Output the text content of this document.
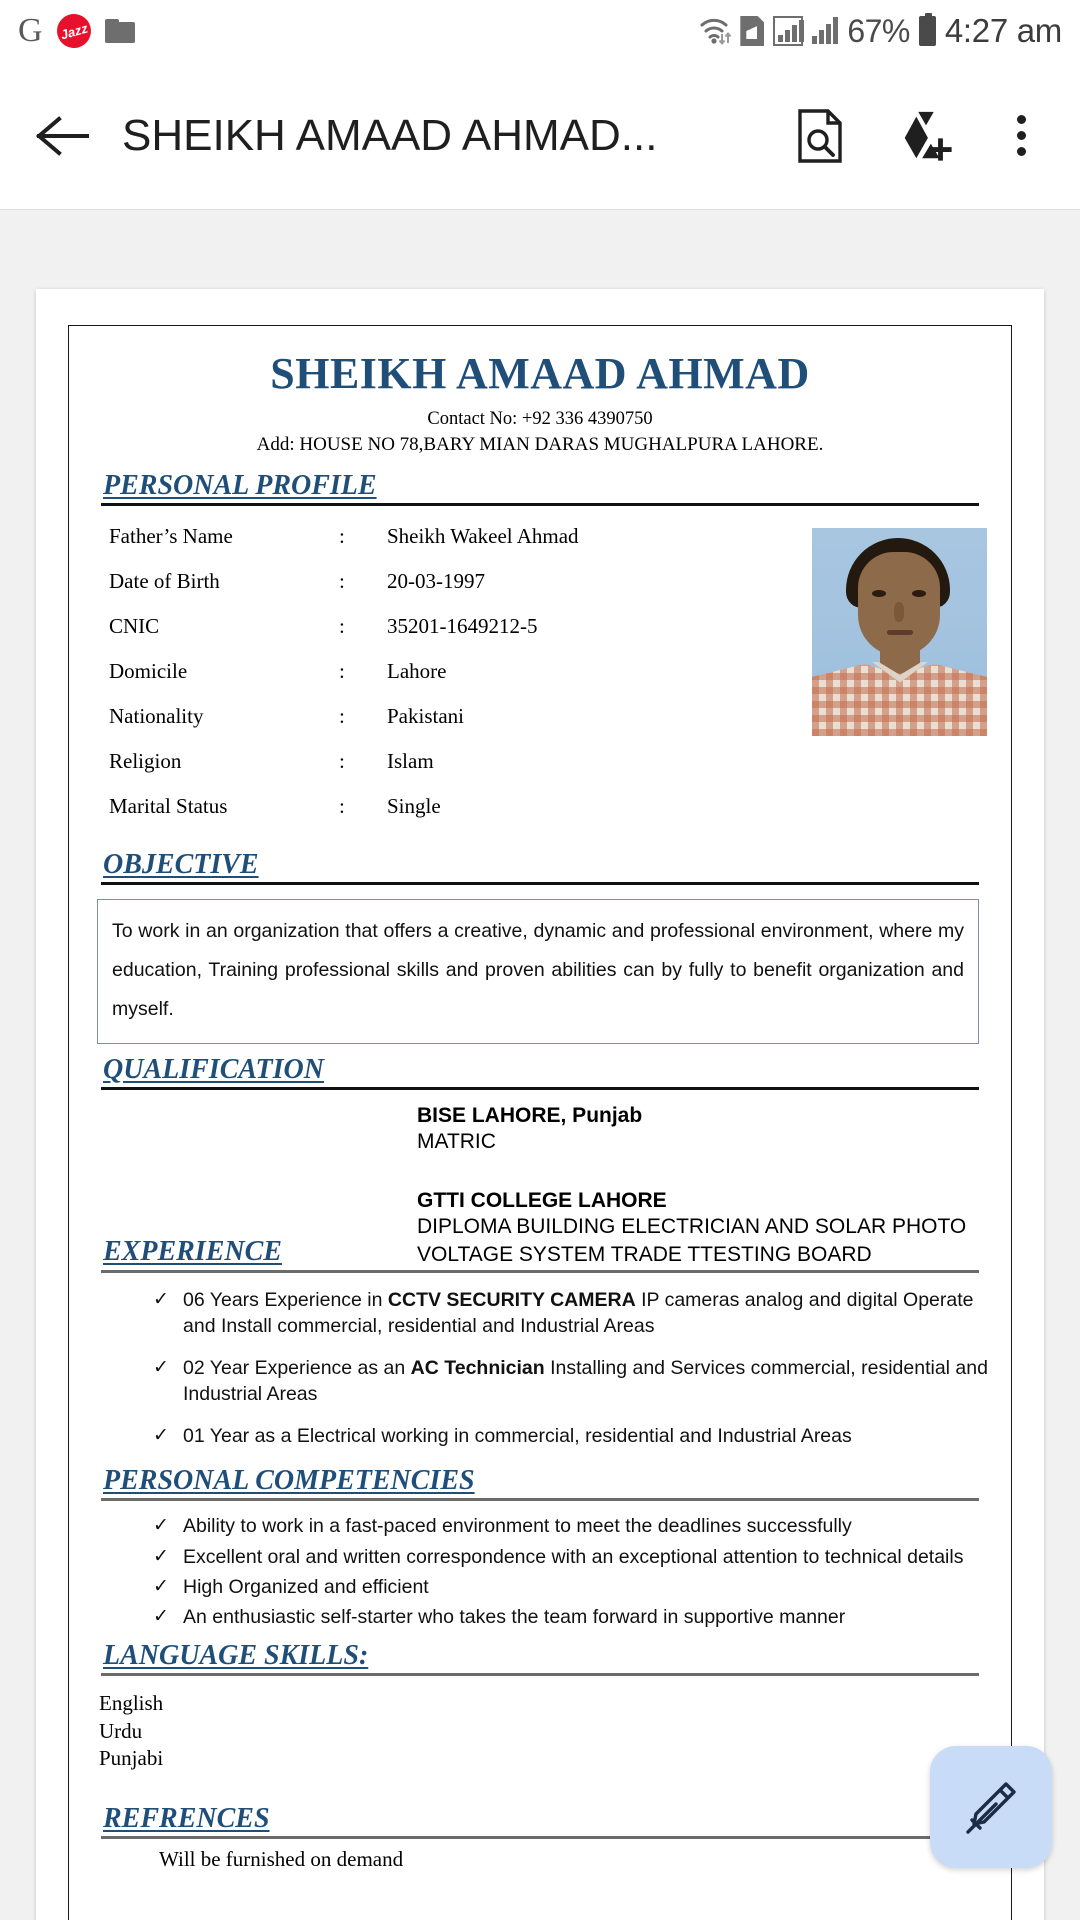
G	Jazz	67% 4:27 am
SHEIKH AMAAD AHMAD...
SHEIKH AMAAD AHMAD
Contact No: +92 336 4390750
Add: HOUSE NO 78,BARY MIAN DARAS MUGHALPURA LAHORE.
PERSONAL PROFILE
Father’s Name	:	Sheikh Wakeel Ahmad
Date of Birth	:	20-03-1997
CNIC	:	35201-1649212-5
Domicile	:	Lahore
Nationality	:	Pakistani
Religion	:	Islam
Marital Status	:	Single
OBJECTIVE

To work in an organization that offers a creative, dynamic and professional environment, where my education, Training professional skills and proven abilities can by fully to benefit organization and myself.

QUALIFICATION
BISE LAHORE, Punjab
MATRIC
EXPERIENCE
GTTI COLLEGE LAHORE
DIPLOMA BUILDING ELECTRICIAN AND SOLAR PHOTO VOLTAGE SYSTEM TRADE TTESTING BOARD
✓ 06 Years Experience in CCTV SECURITY CAMERA IP cameras analog and digital Operate and Install commercial, residential and Industrial Areas
✓ 02 Year Experience as an AC Technician Installing and Services commercial, residential and Industrial Areas
✓ 01 Year as a Electrical working in commercial, residential and Industrial Areas
PERSONAL COMPETENCIES
✓ Ability to work in a fast-paced environment to meet the deadlines successfully
✓ Excellent oral and written correspondence with an exceptional attention to technical details
✓ High Organized and efficient
✓ An enthusiastic self-starter who takes the team forward in supportive manner
LANGUAGE SKILLS:
English
Urdu
Punjabi
REFRENCES
Will be furnished on demand
